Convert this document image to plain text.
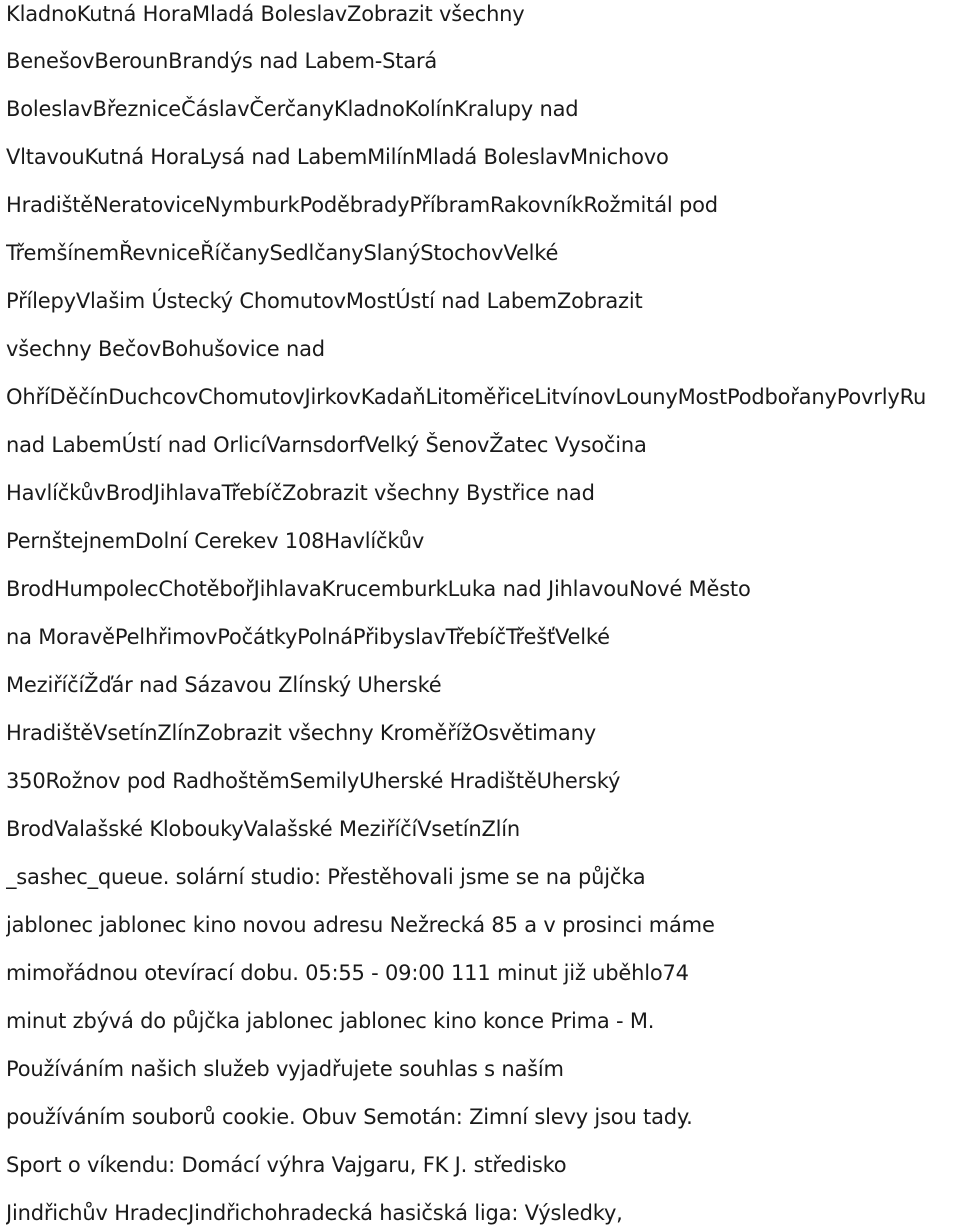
KladnoKutná HoraMladá BoleslavZobrazit všechny
BenešovBerounBrandýs nad Labem-Stará
BoleslavBřezniceČáslavČerčanyKladnoKolínKralupy nad
VltavouKutná HoraLysá nad LabemMilínMladá BoleslavMnichovo
HradištěNeratoviceNymburkPoděbradyPříbramRakovníkRožmitál pod
TřemšínemŘevniceŘíčanySedlčanySlanýStochovVelké
PřílepyVlašim Ústecký ChomutovMostÚstí nad LabemZobrazit
všechny BečovBohušovice nad
OhříDěčínDuchcovChomutovJirkovKadaňLitoměřiceLitvínovLounyMostPodbořanyPovrlyRu
nad LabemÚstí nad OrlicíVarnsdorfVelký ŠenovŽatec Vysočina
HavlíčkůvBrodJihlavaTřebíčZobrazit všechny Bystřice nad
PernštejnemDolní Cerekev 108Havlíčkův
BrodHumpolecChotěbořJihlavaKrucemburkLuka nad JihlavouNové Město
na MoravěPelhřimovPočátkyPolnáPřibyslavTřebíčTřešťVelké
MeziříčíŽďár nad Sázavou Zlínský Uherské
HradištěVsetínZlínZobrazit všechny KroměřížOsvětimany
350Rožnov pod RadhoštěmSemilyUherské HradištěUherský
BrodValašské KloboukyValašské MeziříčíVsetínZlín
_sashec_queue. solární studio: Přestěhovali jsme se na půjčka
jablonec jablonec kino novou adresu Nežrecká 85 a v prosinci máme
mimořádnou otevírací dobu. 05:55 - 09:00 111 minut již uběhlo74
minut zbývá do půjčka jablonec jablonec kino konce Prima - M.
Používáním našich služeb vyjadřujete souhlas s naším
používáním souborů cookie. Obuv Semotán: Zimní slevy jsou tady.
Sport o víkendu: Domácí výhra Vajgaru, FK J. středisko
Jindřichův HradecJindřichohradecká hasičská liga: Výsledky,
